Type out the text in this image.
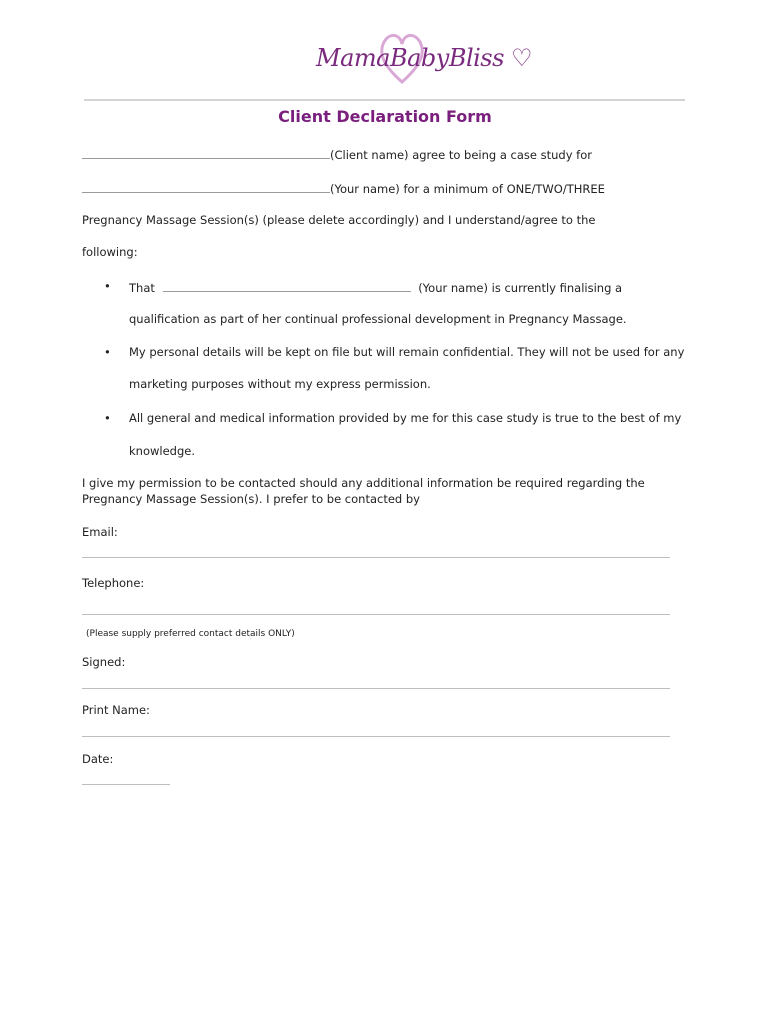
MamaBabyBliss ♡
Client Declaration Form
(Client name) agree to being a case study for
(Your name) for a minimum of ONE/TWO/THREE
Pregnancy Massage Session(s) (please delete accordingly) and I understand/agree to the
following:
• That	(Your name) is currently finalising a
qualification as part of her continual professional development in Pregnancy Massage.
• My personal details will be kept on file but will remain confidential. They will not be used for any
marketing purposes without my express permission.
• All general and medical information provided by me for this case study is true to the best of my
knowledge.
I give my permission to be contacted should any additional information be required regarding the
Pregnancy Massage Session(s). I prefer to be contacted by
Email:
Telephone:
(Please supply preferred contact details ONLY)
Signed:
Print Name:
Date:
